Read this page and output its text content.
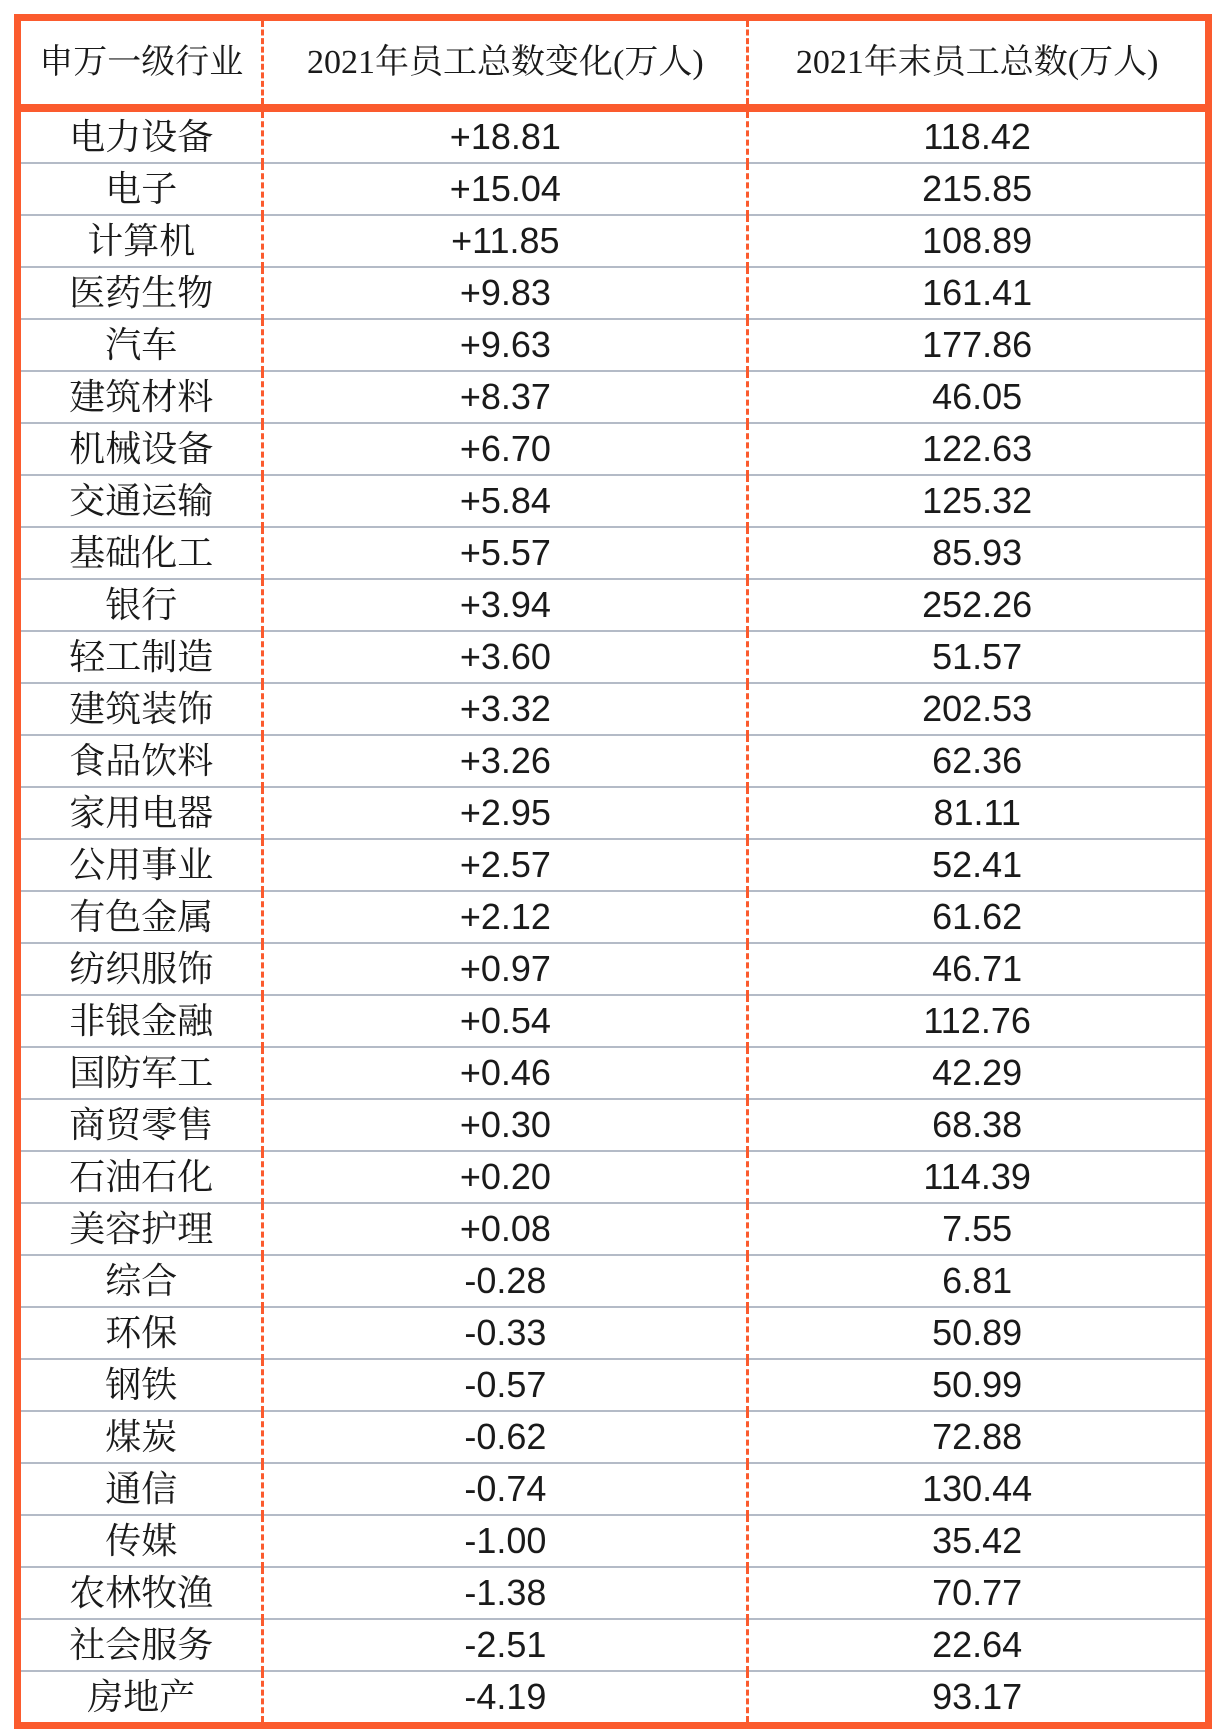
申万一级行业	2021年员工总数变化(万人)	2021年末员工总数(万人)
电力设备	+18.81	118.42
电子	+15.04	215.85
计算机	+11.85	108.89
医药生物	+9.83	161.41
汽车	+9.63	177.86
建筑材料	+8.37	46.05
机械设备	+6.70	122.63
交通运输	+5.84	125.32
基础化工	+5.57	85.93
银行	+3.94	252.26
轻工制造	+3.60	51.57
建筑装饰	+3.32	202.53
食品饮料	+3.26	62.36
家用电器	+2.95	81.11
公用事业	+2.57	52.41
有色金属	+2.12	61.62
纺织服饰	+0.97	46.71
非银金融	+0.54	112.76
国防军工	+0.46	42.29
商贸零售	+0.30	68.38
石油石化	+0.20	114.39
美容护理	+0.08	7.55
综合	-0.28	6.81
环保	-0.33	50.89
钢铁	-0.57	50.99
煤炭	-0.62	72.88
通信	-0.74	130.44
传媒	-1.00	35.42
农林牧渔	-1.38	70.77
社会服务	-2.51	22.64
房地产	-4.19	93.17
